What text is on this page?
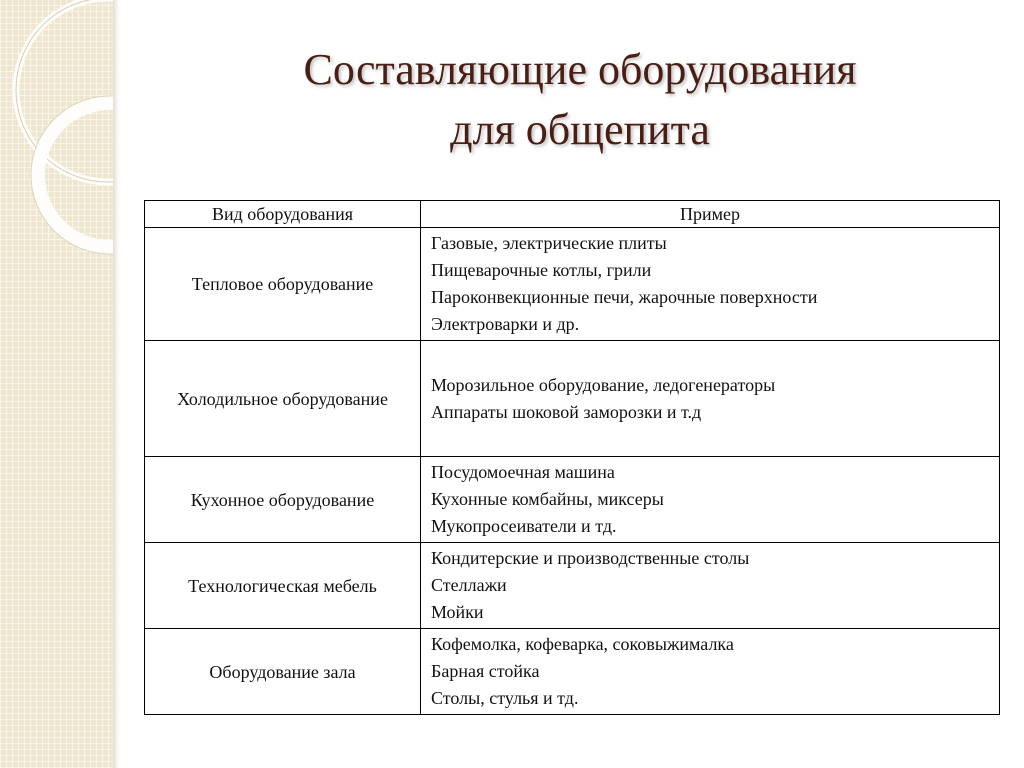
Составляющие оборудования
для общепита
Вид оборудования	Пример
Тепловое оборудование	Газовые, электрические плиты
Пищеварочные котлы, грили
Пароконвекционные печи, жарочные поверхности
Электроварки и др.

Холодильное оборудование	Морозильное оборудование, ледогенераторы
Аппараты шоковой заморозки и т.д

Кухонное оборудование	Посудомоечная машина
Кухонные комбайны, миксеры
Мукопросеиватели и тд.

Технологическая мебель	Кондитерские и производственные столы
Стеллажи
Мойки

Оборудование зала	Кофемолка, кофеварка, соковыжималка
Барная стойка
Столы, стулья и тд.
